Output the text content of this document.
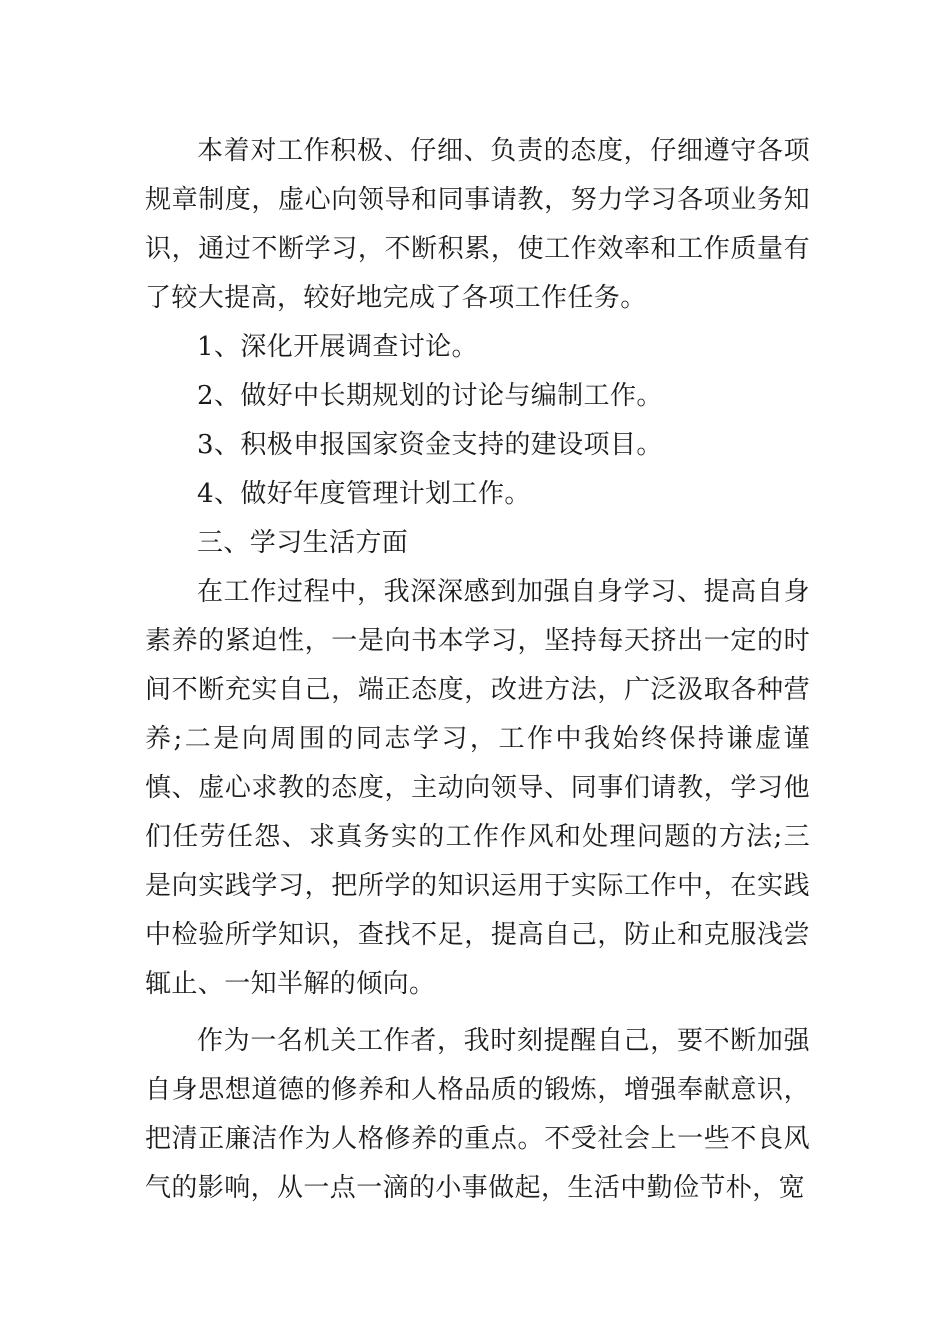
本着对工作积极、仔细、负责的态度，仔细遵守各项规章制度，虚心向领导和同事请教，努力学习各项业务知识，通过不断学习，不断积累，使工作效率和工作质量有了较大提高，较好地完成了各项工作任务。

1、深化开展调查讨论。

2、做好中长期规划的讨论与编制工作。

3、积极申报国家资金支持的建设项目。

4、做好年度管理计划工作。

三、学习生活方面

在工作过程中，我深深感到加强自身学习、提高自身素养的紧迫性，一是向书本学习，坚持每天挤出一定的时间不断充实自己，端正态度，改进方法，广泛汲取各种营养;二是向周围的同志学习，工作中我始终保持谦虚谨慎、虚心求教的态度，主动向领导、同事们请教，学习他们任劳任怨、求真务实的工作作风和处理问题的方法;三是向实践学习，把所学的知识运用于实际工作中，在实践中检验所学知识，查找不足，提高自己，防止和克服浅尝辄止、一知半解的倾向。

作为一名机关工作者，我时刻提醒自己，要不断加强自身思想道德的修养和人格品质的锻炼，增强奉献意识，把清正廉洁作为人格修养的重点。不受社会上一些不良风气的影响，从一点一滴的小事做起，生活中勤俭节朴，宽
